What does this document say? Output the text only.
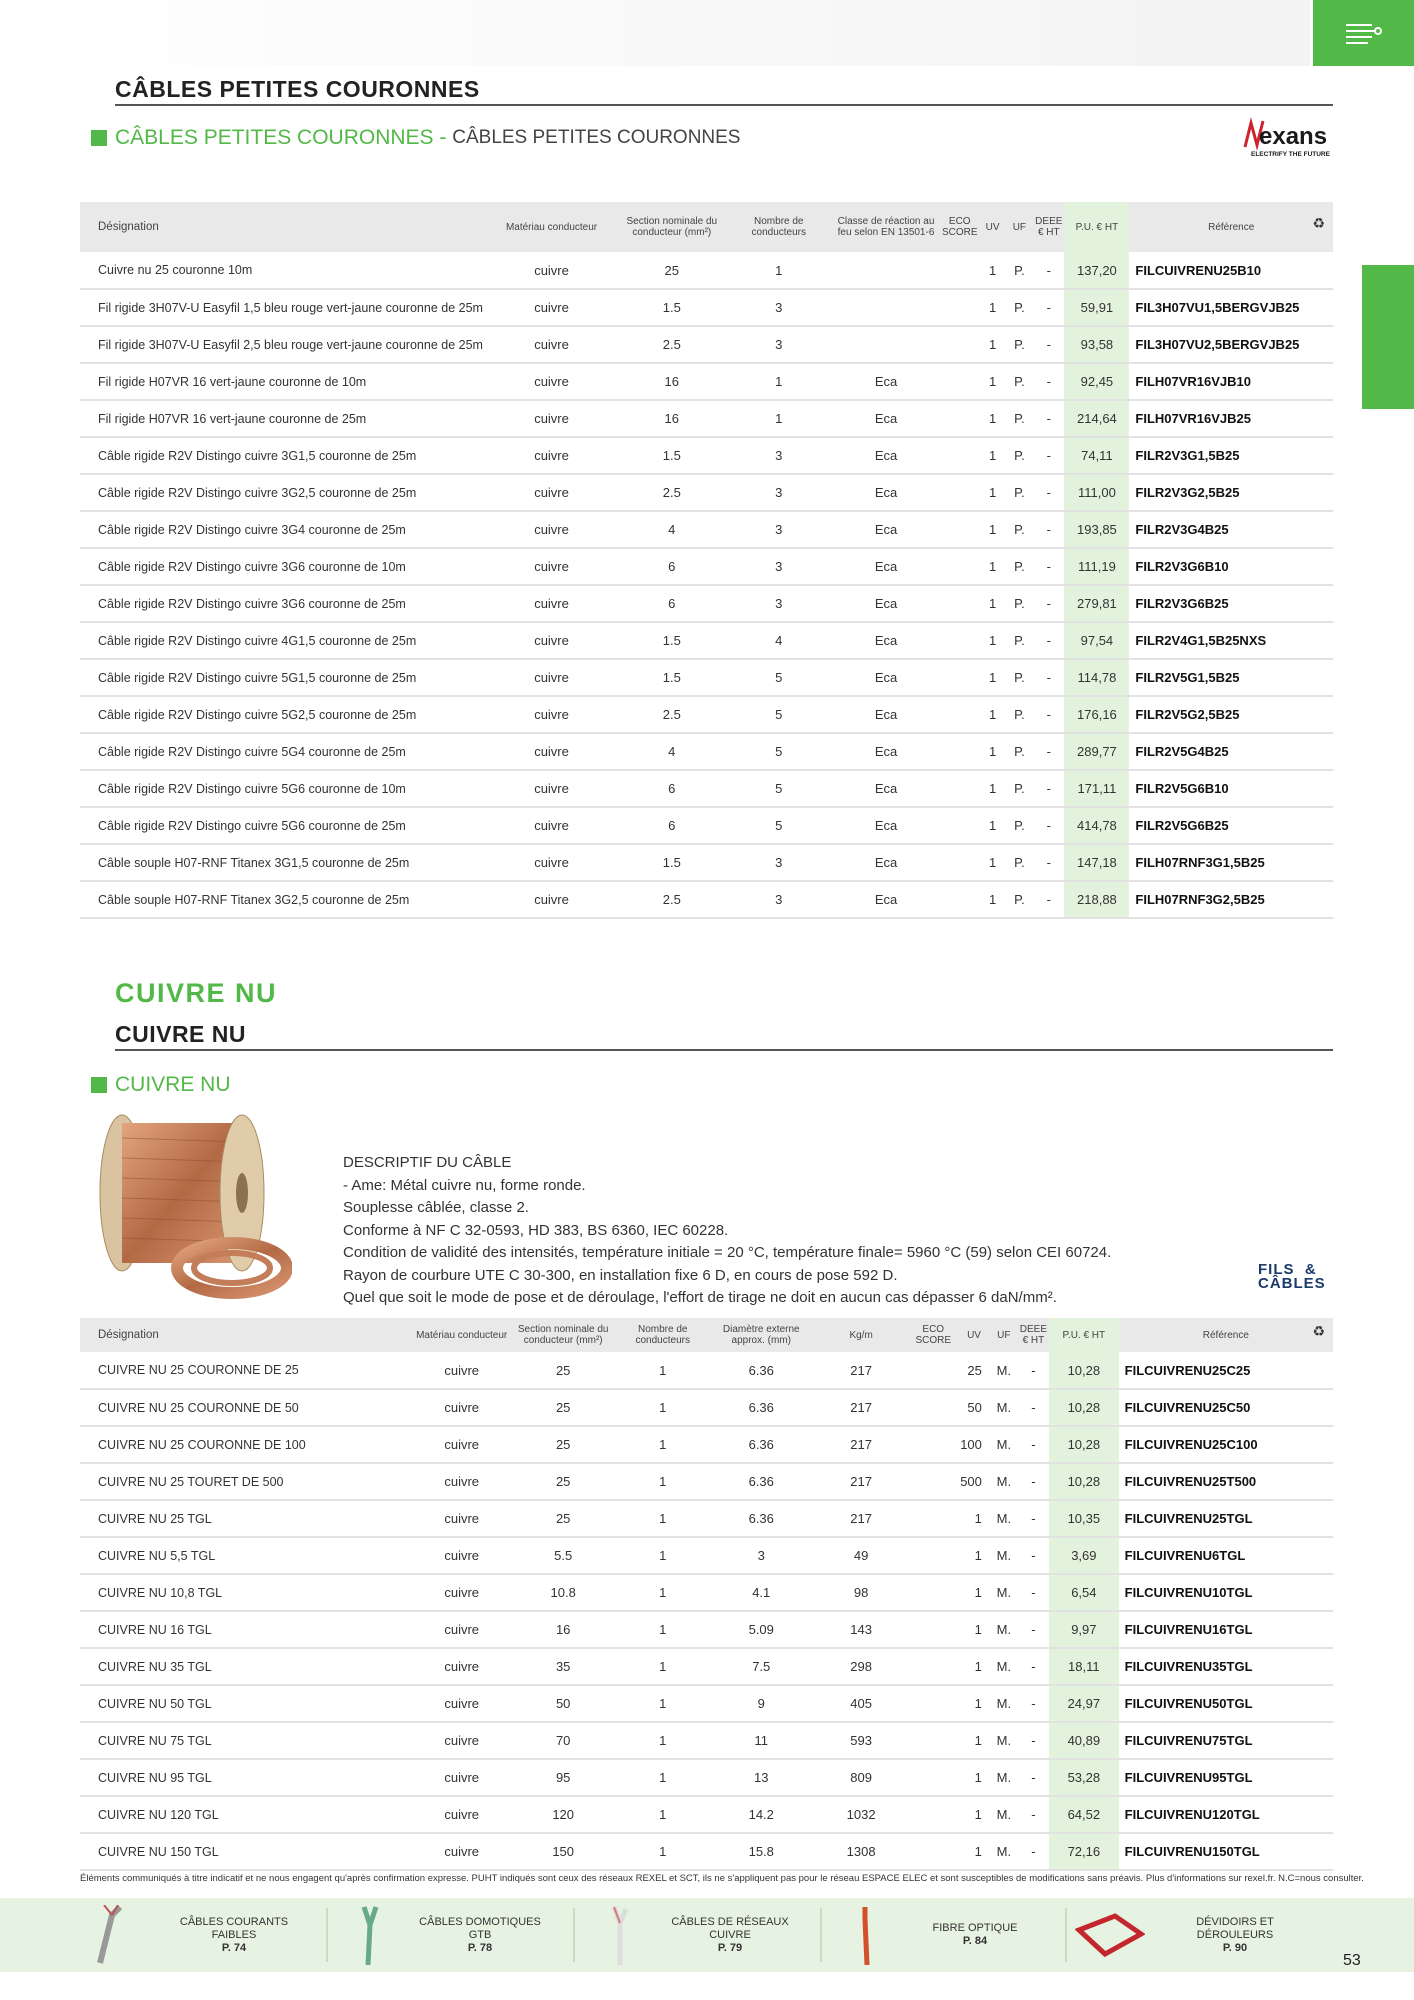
CÂBLES PETITES COURONNES
CÂBLES PETITES COURONNES - CÂBLES PETITES COURONNES	exans
ELECTRIFY THE FUTURE
Désignation	Matériau conducteur	Section nominale du conducteur (mm²)	Nombre de conducteurs	Classe de réaction au feu selon EN 13501-6	ECO SCORE	UV	UF	DEEE € HT	P.U. € HT	Référence ♻

Cuivre nu 25 couronne 10m	cuivre	25	1			1	P.	-	137,20	FILCUIVRENU25B10
Fil rigide 3H07V-U Easyfil 1,5 bleu rouge vert-jaune couronne de 25m	cuivre	1.5	3			1	P.	-	59,91	FIL3H07VU1,5BERGVJB25
Fil rigide 3H07V-U Easyfil 2,5 bleu rouge vert-jaune couronne de 25m	cuivre	2.5	3			1	P.	-	93,58	FIL3H07VU2,5BERGVJB25
Fil rigide H07VR 16 vert-jaune couronne de 10m	cuivre	16	1	Eca		1	P.	-	92,45	FILH07VR16VJB10
Fil rigide H07VR 16 vert-jaune couronne de 25m	cuivre	16	1	Eca		1	P.	-	214,64	FILH07VR16VJB25
Câble rigide R2V Distingo cuivre 3G1,5 couronne de 25m	cuivre	1.5	3	Eca		1	P.	-	74,11	FILR2V3G1,5B25
Câble rigide R2V Distingo cuivre 3G2,5 couronne de 25m	cuivre	2.5	3	Eca		1	P.	-	111,00	FILR2V3G2,5B25
Câble rigide R2V Distingo cuivre 3G4 couronne de 25m	cuivre	4	3	Eca		1	P.	-	193,85	FILR2V3G4B25
Câble rigide R2V Distingo cuivre 3G6 couronne de 10m	cuivre	6	3	Eca		1	P.	-	111,19	FILR2V3G6B10
Câble rigide R2V Distingo cuivre 3G6 couronne de 25m	cuivre	6	3	Eca		1	P.	-	279,81	FILR2V3G6B25
Câble rigide R2V Distingo cuivre 4G1,5 couronne de 25m	cuivre	1.5	4	Eca		1	P.	-	97,54	FILR2V4G1,5B25NXS
Câble rigide R2V Distingo cuivre 5G1,5 couronne de 25m	cuivre	1.5	5	Eca		1	P.	-	114,78	FILR2V5G1,5B25
Câble rigide R2V Distingo cuivre 5G2,5 couronne de 25m	cuivre	2.5	5	Eca		1	P.	-	176,16	FILR2V5G2,5B25
Câble rigide R2V Distingo cuivre 5G4 couronne de 25m	cuivre	4	5	Eca		1	P.	-	289,77	FILR2V5G4B25
Câble rigide R2V Distingo cuivre 5G6 couronne de 10m	cuivre	6	5	Eca		1	P.	-	171,11	FILR2V5G6B10
Câble rigide R2V Distingo cuivre 5G6 couronne de 25m	cuivre	6	5	Eca		1	P.	-	414,78	FILR2V5G6B25
Câble souple H07-RNF Titanex 3G1,5 couronne de 25m	cuivre	1.5	3	Eca		1	P.	-	147,18	FILH07RNF3G1,5B25
Câble souple H07-RNF Titanex 3G2,5 couronne de 25m	cuivre	2.5	3	Eca		1	P.	-	218,88	FILH07RNF3G2,5B25
CUIVRE NU
CUIVRE NU
CUIVRE NU
DESCRIPTIF DU CÂBLE
- Ame: Métal cuivre nu, forme ronde.
Souplesse câblée, classe 2.
Conforme à NF C 32-0593, HD 383, BS 6360, IEC 60228.
Condition de validité des intensités, température initiale = 20 °C, température finale= 5960 °C (59) selon CEI 60724.
Rayon de courbure UTE C 30-300, en installation fixe 6 D, en cours de pose 592 D.
Quel que soit le mode de pose et de déroulage, l'effort de tirage ne doit en aucun cas dépasser 6 daN/mm².
FILS  &
CÂBLES
Désignation	Matériau conducteur	Section nominale du conducteur (mm²)	Nombre de conducteurs	Diamètre externe approx. (mm)	Kg/m	ECO SCORE	UV	UF	DEEE € HT	P.U. € HT	Référence ♻

CUIVRE NU 25 COURONNE DE 25	cuivre	25	1	6.36	217		25	M.	-	10,28	FILCUIVRENU25C25
CUIVRE NU 25 COURONNE DE 50	cuivre	25	1	6.36	217		50	M.	-	10,28	FILCUIVRENU25C50
CUIVRE NU 25 COURONNE DE 100	cuivre	25	1	6.36	217		100	M.	-	10,28	FILCUIVRENU25C100
CUIVRE NU 25 TOURET DE 500	cuivre	25	1	6.36	217		500	M.	-	10,28	FILCUIVRENU25T500
CUIVRE NU 25 TGL	cuivre	25	1	6.36	217		1	M.	-	10,35	FILCUIVRENU25TGL
CUIVRE NU 5,5 TGL	cuivre	5.5	1	3	49		1	M.	-	3,69	FILCUIVRENU6TGL
CUIVRE NU 10,8 TGL	cuivre	10.8	1	4.1	98		1	M.	-	6,54	FILCUIVRENU10TGL
CUIVRE NU 16 TGL	cuivre	16	1	5.09	143		1	M.	-	9,97	FILCUIVRENU16TGL
CUIVRE NU 35 TGL	cuivre	35	1	7.5	298		1	M.	-	18,11	FILCUIVRENU35TGL
CUIVRE NU 50 TGL	cuivre	50	1	9	405		1	M.	-	24,97	FILCUIVRENU50TGL
CUIVRE NU 75 TGL	cuivre	70	1	11	593		1	M.	-	40,89	FILCUIVRENU75TGL
CUIVRE NU 95 TGL	cuivre	95	1	13	809		1	M.	-	53,28	FILCUIVRENU95TGL
CUIVRE NU 120 TGL	cuivre	120	1	14.2	1032		1	M.	-	64,52	FILCUIVRENU120TGL
CUIVRE NU 150 TGL	cuivre	150	1	15.8	1308		1	M.	-	72,16	FILCUIVRENU150TGL
Éléments communiqués à titre indicatif et ne nous engagent qu'après confirmation expresse. PUHT indiqués sont ceux des réseaux REXEL et SCT, ils ne s'appliquent pas pour le réseau ESPACE ELEC et sont susceptibles de modifications sans préavis. Plus d'informations sur rexel.fr. N.C=nous consulter.
CÂBLES COURANTS FAIBLES
P. 74
CÂBLES DOMOTIQUES GTB
P. 78
CÂBLES DE RÉSEAUX CUIVRE
P. 79
FIBRE OPTIQUE
P. 84
DÉVIDOIRS ET DÉROULEURS
P. 90
53
